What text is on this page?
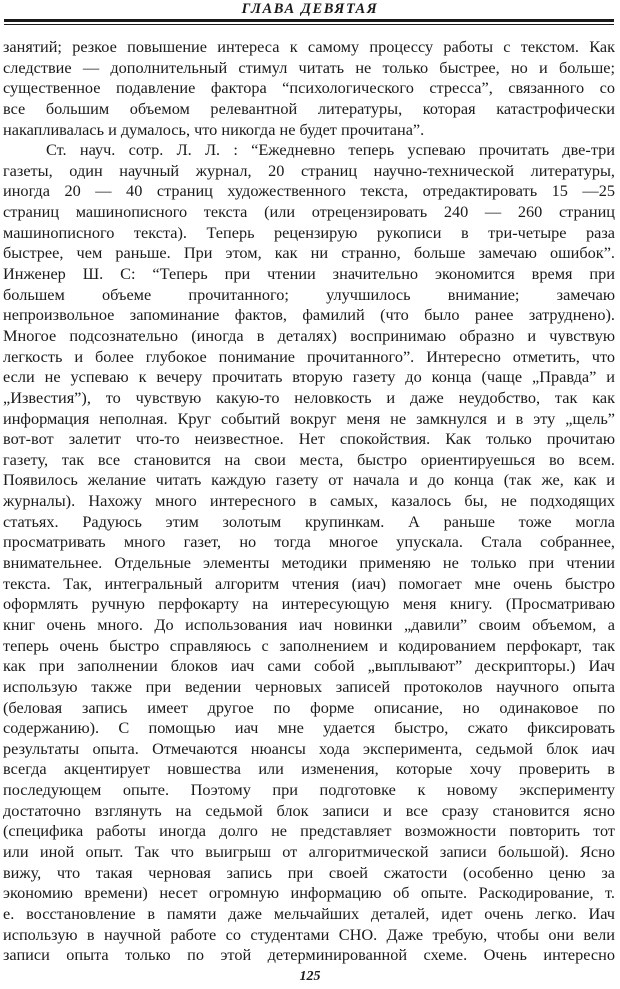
ГЛАВА ДЕВЯТАЯ
занятий; резкое повышение интереса к самому процессу работы с текстом. Как
следствие — дополнительный стимул читать не только быстрее, но и больше;
существенное подавление фактора “психологического стресса”, связанного со
все большим объемом релевантной литературы, которая катастрофически
накапливалась и думалось, что никогда не будет прочитана”.
Ст. науч. сотр. Л. Л. : “Ежедневно теперь успеваю прочитать две-три
газеты, один научный журнал, 20 страниц научно-технической литературы,
иногда 20 — 40 страниц художественного текста, отредактировать 15 —25
страниц машинописного текста (или отрецензировать 240 — 260 страниц
машинописного текста). Теперь рецензирую рукописи в три-четыре раза
быстрее, чем раньше. При этом, как ни странно, больше замечаю ошибок”.
Инженер Ш. С: “Теперь при чтении значительно экономится время при
большем объеме прочитанного; улучшилось внимание; замечаю
непроизвольное запоминание фактов, фамилий (что было ранее затруднено).
Многое подсознательно (иногда в деталях) воспринимаю образно и чувствую
легкость и более глубокое понимание прочитанного”. Интересно отметить, что
если не успеваю к вечеру прочитать вторую газету до конца (чаще „Правда” и
„Известия”), то чувствую какую-то неловкость и даже неудобство, так как
информация неполная. Круг событий вокруг меня не замкнулся и в эту „щель”
вот-вот залетит что-то неизвестное. Нет спокойствия. Как только прочитаю
газету, так все становится на свои места, быстро ориентируешься во всем.
Появилось желание читать каждую газету от начала и до конца (так же, как и
журналы). Нахожу много интересного в самых, казалось бы, не подходящих
статьях. Радуюсь этим золотым крупинкам. А раньше тоже могла
просматривать много газет, но тогда многое упускала. Стала собраннее,
внимательнее. Отдельные элементы методики применяю не только при чтении
текста. Так, интегральный алгоритм чтения (иач) помогает мне очень быстро
оформлять ручную перфокарту на интересующую меня книгу. (Просматриваю
книг очень много. До использования иач новинки „давили” своим объемом, а
теперь очень быстро справляюсь с заполнением и кодированием перфокарт, так
как при заполнении блоков иач сами собой „выплывают” дескрипторы.) Иач
использую также при ведении черновых записей протоколов научного опыта
(беловая запись имеет другое по форме описание, но одинаковое по
содержанию). С помощью иач мне удается быстро, сжато фиксировать
результаты опыта. Отмечаются нюансы хода эксперимента, седьмой блок иач
всегда акцентирует новшества или изменения, которые хочу проверить в
последующем опыте. Поэтому при подготовке к новому эксперименту
достаточно взглянуть на седьмой блок записи и все сразу становится ясно
(специфика работы иногда долго не представляет возможности повторить тот
или иной опыт. Так что выигрыш от алгоритмической записи большой). Ясно
вижу, что такая черновая запись при своей сжатости (особенно ценю за
экономию времени) несет огромную информацию об опыте. Раскодирование, т.
е. восстановление в памяти даже мельчайших деталей, идет очень легко. Иач
использую в научной работе со студентами СНО. Даже требую, чтобы они вели
записи опыта только по этой детерминированной схеме. Очень интересно
125
